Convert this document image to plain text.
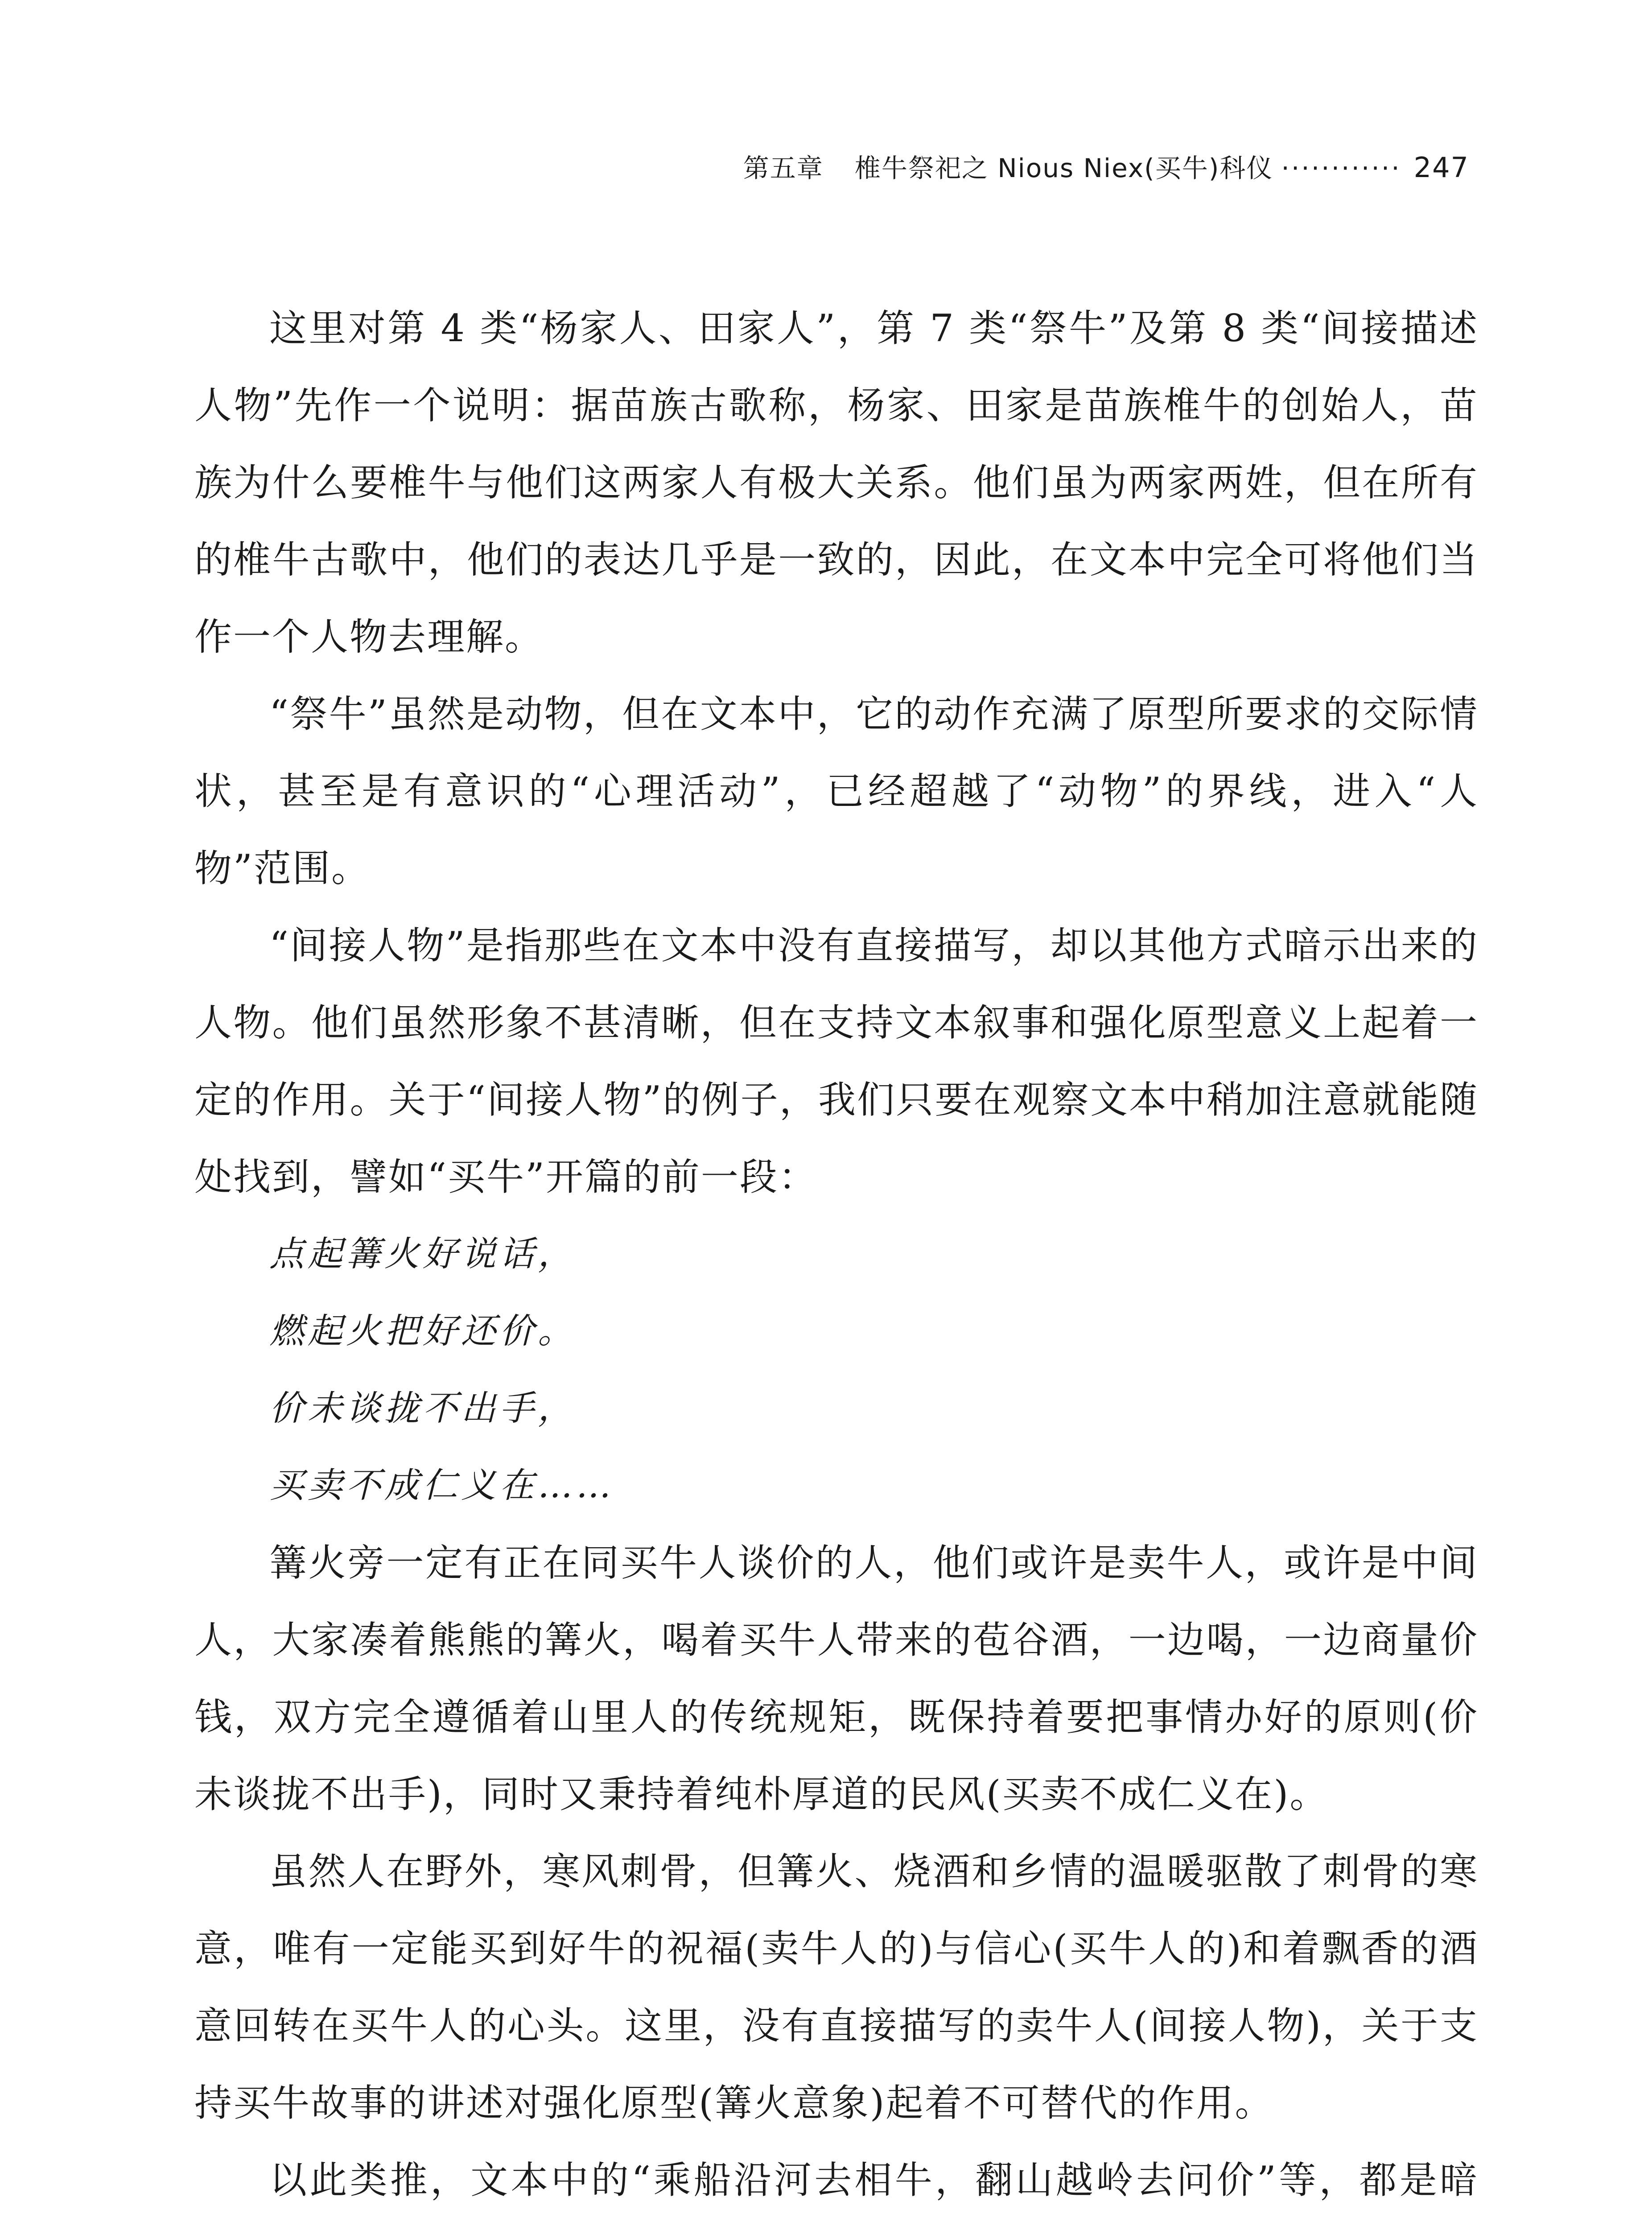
第五章 椎牛祭祀之 Nious Niex(买牛)科仪 ············ 247

这里对第 4 类“杨家人、田家人”，第 7 类“祭牛”及第 8 类“间接描述人物”先作一个说明：据苗族古歌称，杨家、田家是苗族椎牛的创始人，苗族为什么要椎牛与他们这两家人有极大关系。他们虽为两家两姓，但在所有的椎牛古歌中，他们的表达几乎是一致的，因此，在文本中完全可将他们当作一个人物去理解。

“祭牛”虽然是动物，但在文本中，它的动作充满了原型所要求的交际情状，甚至是有意识的“心理活动”，已经超越了“动物”的界线，进入“人物”范围。

“间接人物”是指那些在文本中没有直接描写，却以其他方式暗示出来的人物。他们虽然形象不甚清晰，但在支持文本叙事和强化原型意义上起着一定的作用。关于“间接人物”的例子，我们只要在观察文本中稍加注意就能随处找到，譬如“买牛”开篇的前一段：

点起篝火好说话，

燃起火把好还价。

价未谈拢不出手，

买卖不成仁义在……

篝火旁一定有正在同买牛人谈价的人，他们或许是卖牛人，或许是中间人，大家凑着熊熊的篝火，喝着买牛人带来的苞谷酒，一边喝，一边商量价钱，双方完全遵循着山里人的传统规矩，既保持着要把事情办好的原则(价未谈拢不出手)，同时又秉持着纯朴厚道的民风(买卖不成仁义在)。

虽然人在野外，寒风刺骨，但篝火、烧酒和乡情的温暖驱散了刺骨的寒意，唯有一定能买到好牛的祝福(卖牛人的)与信心(买牛人的)和着飘香的酒意回转在买牛人的心头。这里，没有直接描写的卖牛人(间接人物)，关于支持买牛故事的讲述对强化原型(篝火意象)起着不可替代的作用。

以此类推，文本中的“乘船沿河去相牛，翻山越岭去问价”等，都是暗
